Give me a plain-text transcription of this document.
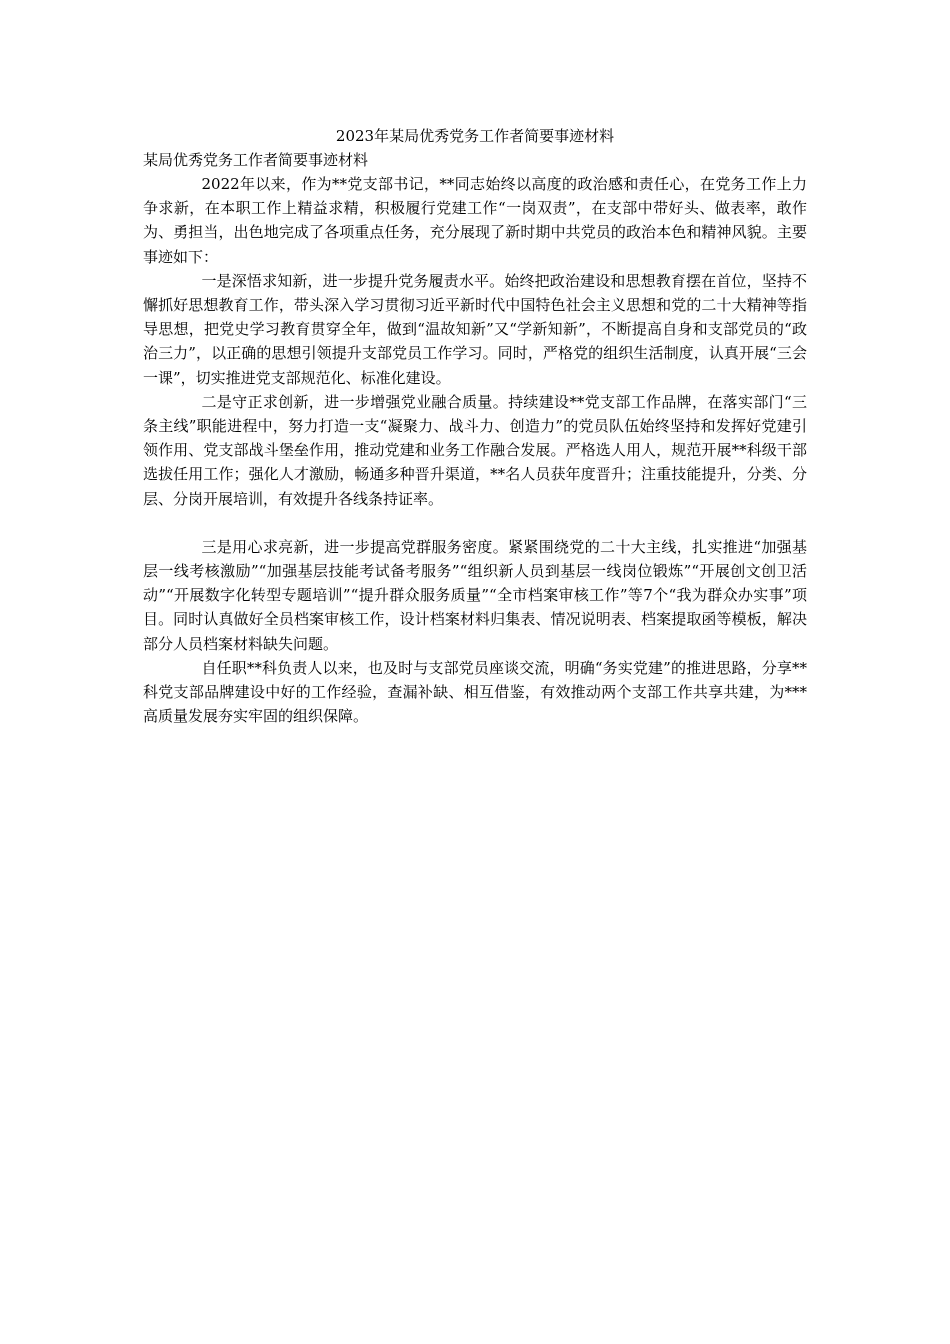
2023年某局优秀党务工作者简要事迹材料
某局优秀党务工作者简要事迹材料

2022年以来，作为**党支部书记，**同志始终以高度的政治感和责任心，在党务工作上力争求新，在本职工作上精益求精，积极履行党建工作“一岗双责”，在支部中带好头、做表率，敢作为、勇担当，出色地完成了各项重点任务，充分展现了新时期中共党员的政治本色和精神风貌。主要事迹如下：

一是深悟求知新，进一步提升党务履责水平。始终把政治建设和思想教育摆在首位，坚持不懈抓好思想教育工作，带头深入学习贯彻习近平新时代中国特色社会主义思想和党的二十大精神等指导思想，把党史学习教育贯穿全年，做到“温故知新”又“学新知新”，不断提高自身和支部党员的“政治三力”，以正确的思想引领提升支部党员工作学习。同时，严格党的组织生活制度，认真开展“三会一课”，切实推进党支部规范化、标准化建设。

二是守正求创新，进一步增强党业融合质量。持续建设**党支部工作品牌，在落实部门“三条主线”职能进程中，努力打造一支“凝聚力、战斗力、创造力”的党员队伍始终坚持和发挥好党建引领作用、党支部战斗堡垒作用，推动党建和业务工作融合发展。严格选人用人，规范开展**科级干部选拔任用工作；强化人才激励，畅通多种晋升渠道，**名人员获年度晋升；注重技能提升，分类、分层、分岗开展培训，有效提升各线条持证率。

三是用心求亮新，进一步提高党群服务密度。紧紧围绕党的二十大主线，扎实推进“加强基层一线考核激励”“加强基层技能考试备考服务”“组织新人员到基层一线岗位锻炼”“开展创文创卫活动”“开展数字化转型专题培训”“提升群众服务质量”“全市档案审核工作”等7个“我为群众办实事”项目。同时认真做好全员档案审核工作，设计档案材料归集表、情况说明表、档案提取函等模板，解决部分人员档案材料缺失问题。

自任职**科负责人以来，也及时与支部党员座谈交流，明确“务实党建”的推进思路，分享**科党支部品牌建设中好的工作经验，查漏补缺、相互借鉴，有效推动两个支部工作共享共建，为***高质量发展夯实牢固的组织保障。
